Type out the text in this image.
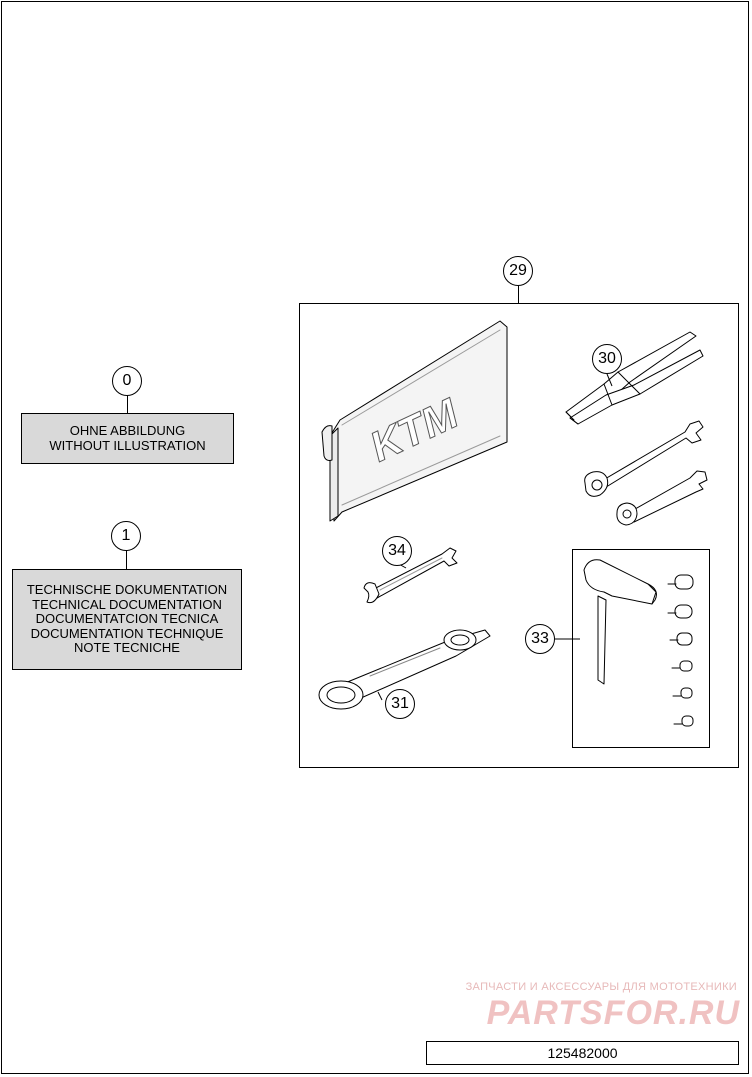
0
OHNE ABBILDUNG
WITHOUT ILLUSTRATION
1
TECHNISCHE DOKUMENTATION
TECHNICAL DOCUMENTATION
DOCUMENTATCION TECNICA
DOCUMENTATION TECHNIQUE
NOTE TECNICHE
29
KTM
30
34
31
33
ЗАПЧАСТИ И АКСЕССУАРЫ ДЛЯ МОТОТЕХНИКИ
PARTSFOR.RU
125482000
